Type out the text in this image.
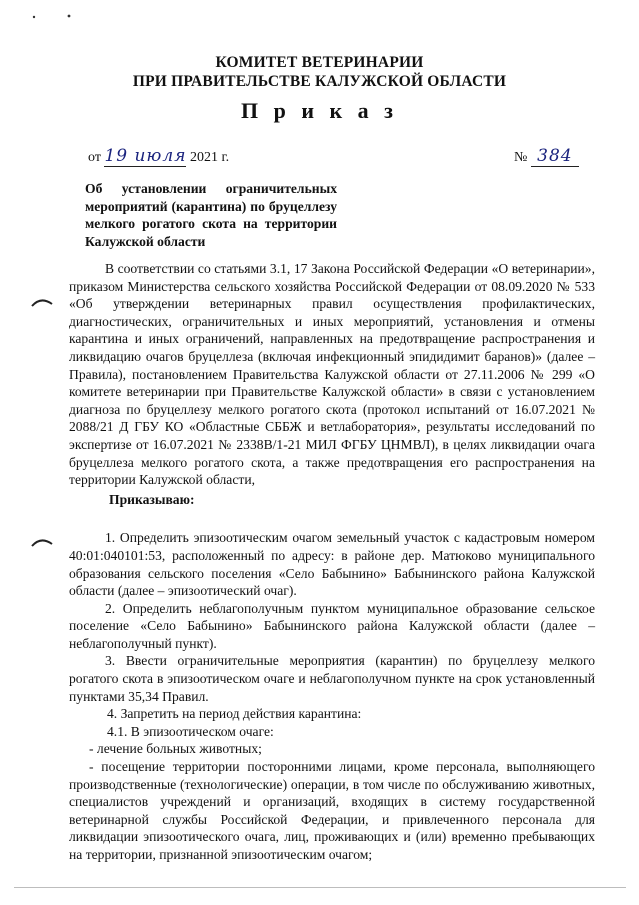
КОМИТЕТ ВЕТЕРИНАРИИ
ПРИ ПРАВИТЕЛЬСТВЕ КАЛУЖСКОЙ ОБЛАСТИ
П р и к а з
от 19 июля 2021 г.	№ 384
Об установлении ограничительных мероприятий (карантина) по бруцеллезу мелкого рогатого скота на территории Калужской области

В соответствии со статьями 3.1, 17 Закона Российской Федерации «О ветеринарии», приказом Министерства сельского хозяйства Российской Федерации от 08.09.2020 № 533 «Об утверждении ветеринарных правил осуществления профилактических, диагностических, ограничительных и иных мероприятий, установления и отмены карантина и иных ограничений, направленных на предотвращение распространения и ликвидацию очагов бруцеллеза (включая инфекционный эпидидимит баранов)» (далее – Правила), постановлением Правительства Калужской области от 27.11.2006 № 299 «О комитете ветеринарии при Правительстве Калужской области» в связи с установлением диагноза по бруцеллезу мелкого рогатого скота (протокол испытаний от 16.07.2021 № 2088/21 Д ГБУ КО «Областные СББЖ и ветлаборатория», результаты исследований по экспертизе от 16.07.2021 № 2338В/1-21 МИЛ ФГБУ ЦНМВЛ), в целях ликвидации очага бруцеллеза мелкого рогатого скота, а также предотвращения его распространения на территории Калужской области,

Приказываю:

1. Определить эпизоотическим очагом земельный участок с кадастровым номером 40:01:040101:53, расположенный по адресу: в районе дер. Матюково муниципального образования сельского поселения «Село Бабынино» Бабынинского района Калужской области (далее – эпизоотический очаг).

2. Определить неблагополучным пунктом муниципальное образование сельское поселение «Село Бабынино» Бабынинского района Калужской области (далее – неблагополучный пункт).

3. Ввести ограничительные мероприятия (карантин) по бруцеллезу мелкого рогатого скота в эпизоотическом очаге и неблагополучном пункте на срок установленный пунктами 35,34 Правил.

4. Запретить на период действия карантина:

4.1. В эпизоотическом очаге:

- лечение больных животных;

- посещение территории посторонними лицами, кроме персонала, выполняющего производственные (технологические) операции, в том числе по обслуживанию животных, специалистов учреждений и организаций, входящих в систему государственной ветеринарной службы Российской Федерации, и привлеченного персонала для ликвидации эпизоотического очага, лиц, проживающих и (или) временно пребывающих на территории, признанной эпизоотическим очагом;
